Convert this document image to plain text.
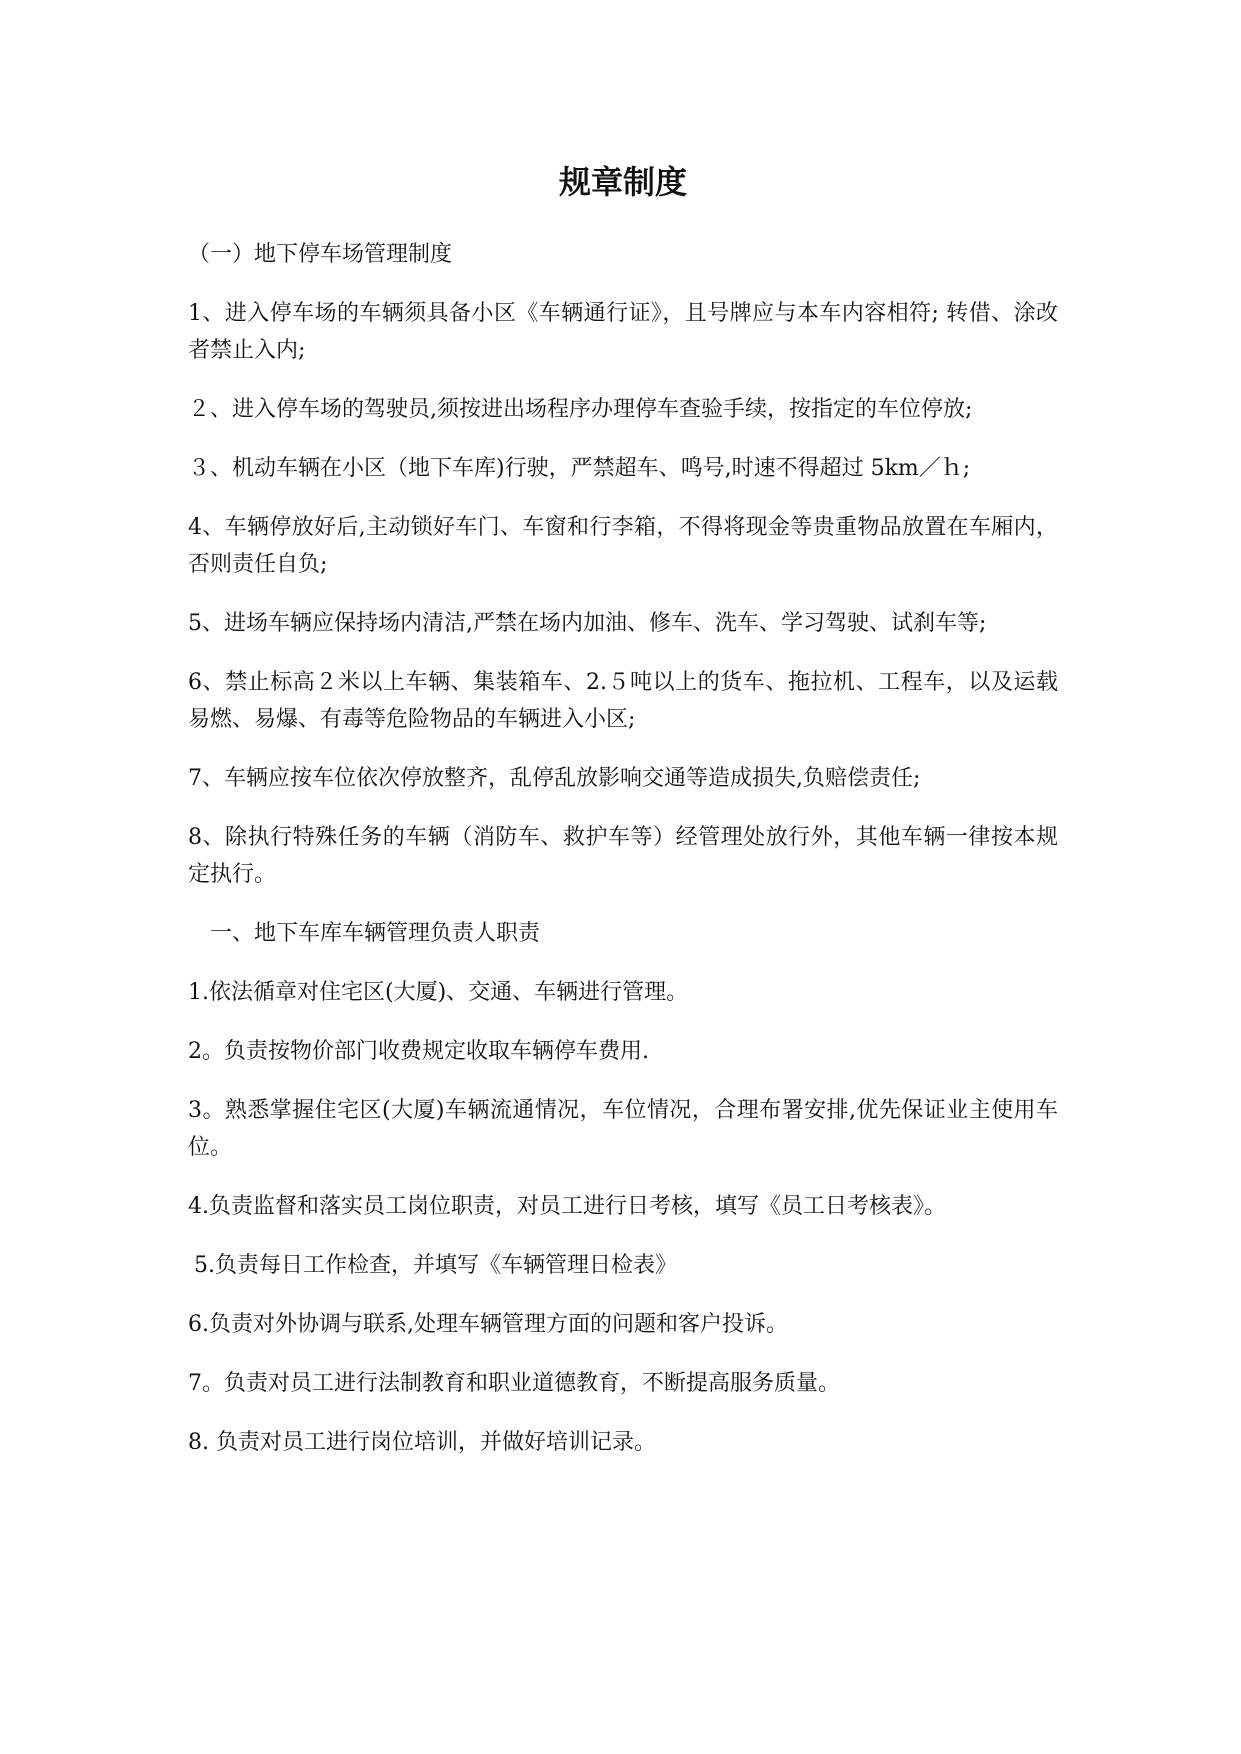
规章制度

（一）地下停车场管理制度

1、进入停车场的车辆须具备小区《车辆通行证》，且号牌应与本车内容相符; 转借、涂改者禁止入内;

２、进入停车场的驾驶员,须按进出场程序办理停车查验手续，按指定的车位停放;

３、机动车辆在小区（地下车库)行驶，严禁超车、鸣号,时速不得超过 5km／ｈ;

4、车辆停放好后,主动锁好车门、车窗和行李箱，不得将现金等贵重物品放置在车厢内，否则责任自负;

5、进场车辆应保持场内清洁,严禁在场内加油、修车、洗车、学习驾驶、试刹车等;

6、禁止标高２米以上车辆、集装箱车、2.５吨以上的货车、拖拉机、工程车，以及运载易燃、易爆、有毒等危险物品的车辆进入小区;

7、车辆应按车位依次停放整齐，乱停乱放影响交通等造成损失,负赔偿责任;

8、除执行特殊任务的车辆（消防车、救护车等）经管理处放行外，其他车辆一律按本规定执行。

一、地下车库车辆管理负责人职责

1.依法循章对住宅区(大厦)、交通、车辆进行管理。

2。负责按物价部门收费规定收取车辆停车费用.

3。熟悉掌握住宅区(大厦)车辆流通情况，车位情况，合理布署安排,优先保证业主使用车位。

4.负责监督和落实员工岗位职责，对员工进行日考核，填写《员工日考核表》。

5.负责每日工作检查，并填写《车辆管理日检表》

6.负责对外协调与联系,处理车辆管理方面的问题和客户投诉。

7。负责对员工进行法制教育和职业道德教育，不断提高服务质量。

8. 负责对员工进行岗位培训，并做好培训记录。
